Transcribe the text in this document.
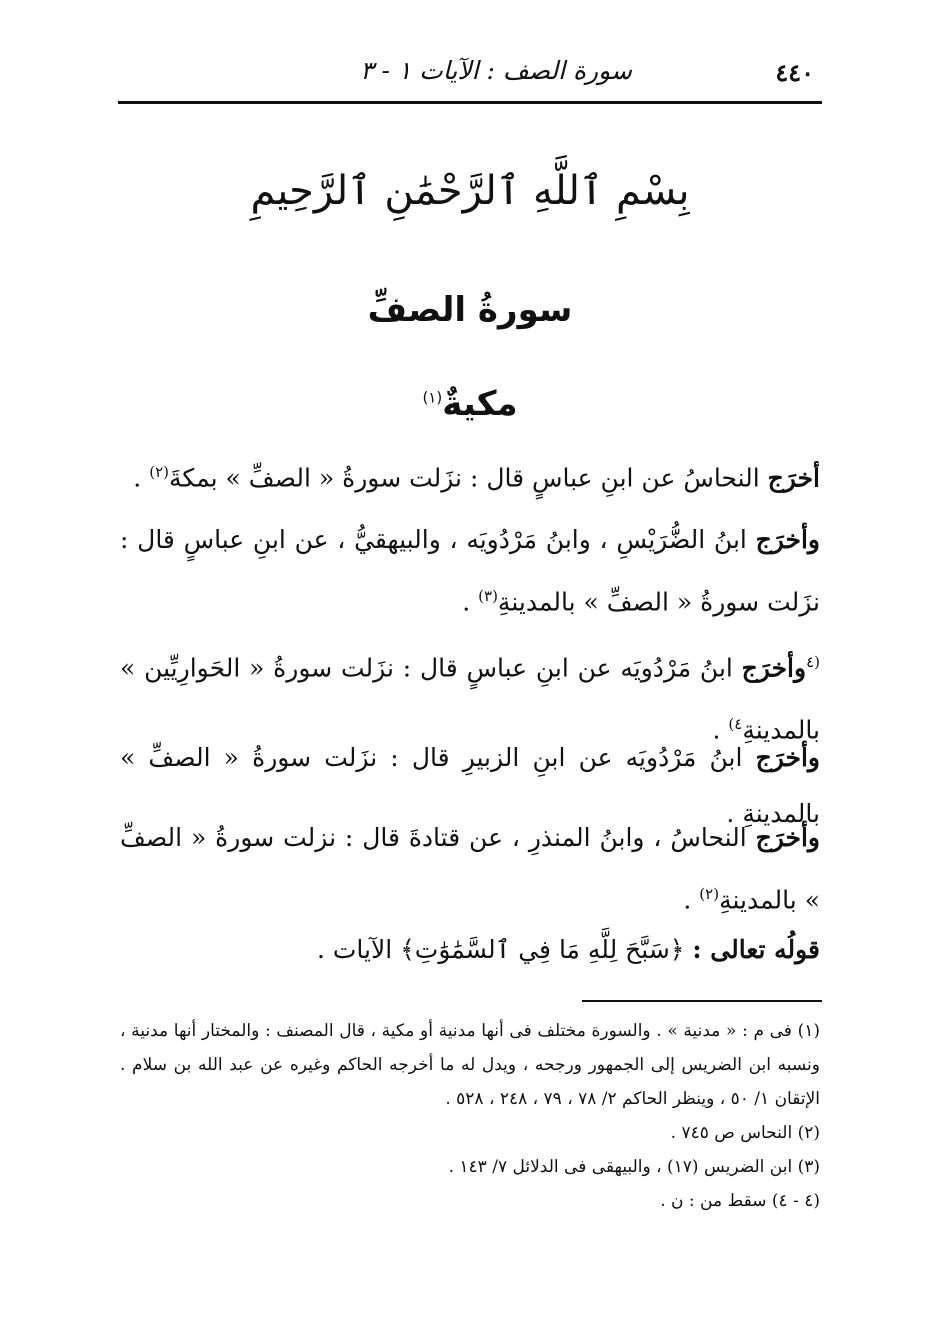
٤٤٠
سورة الصف : الآيات ١ - ٣
بِسْمِ ٱللَّهِ ٱلرَّحْمَٰنِ ٱلرَّحِيمِ
سورةُ الصفِّ
مكيةٌ$^{(١)}$

أخرَج النحاسُ عن ابنِ عباسٍ قال : نزَلت سورةُ « الصفِّ » بمكةَ$^{(٢)}$ .

وأخرَج ابنُ الضُّرَيْسِ ، وابنُ مَرْدُويَه ، والبيهقيُّ ، عن ابنِ عباسٍ قال : نزَلت سورةُ « الصفِّ » بالمدينةِ$^{(٣)}$ .

$^{(٤}$وأخرَج ابنُ مَرْدُويَه عن ابنِ عباسٍ قال : نزَلت سورةُ « الحَوارِيِّين » بالمدينةِ$^{٤)}$ .

وأخرَج ابنُ مَرْدُويَه عن ابنِ الزبيرِ قال : نزَلت سورةُ « الصفِّ » بالمدينةِ .

وأخرَج النحاسُ ، وابنُ المنذرِ ، عن قتادةَ قال : نزلت سورةُ « الصفِّ » بالمدينةِ$^{(٢)}$ .

قولُه تعالى : ﴿سَبَّحَ لِلَّهِ مَا فِي ٱلسَّمَٰوَٰتِ﴾ الآيات .

(١) فى م : « مدنية » . والسورة مختلف فى أنها مدنية أو مكية ، قال المصنف : والمختار أنها مدنية ، ونسبه ابن الضريس إلى الجمهور ورجحه ، ويدل له ما أخرجه الحاكم وغيره عن عبد الله بن سلام . الإتقان ١/ ٥٠ ، وينظر الحاكم ٢/ ٧٨ ، ٧٩ ، ٢٤٨ ، ٥٢٨ .
(٢) النحاس ص ٧٤٥ .
(٣) ابن الضريس (١٧) ، والبيهقى فى الدلائل ٧/ ١٤٣ .
(٤ - ٤) سقط من : ن .
